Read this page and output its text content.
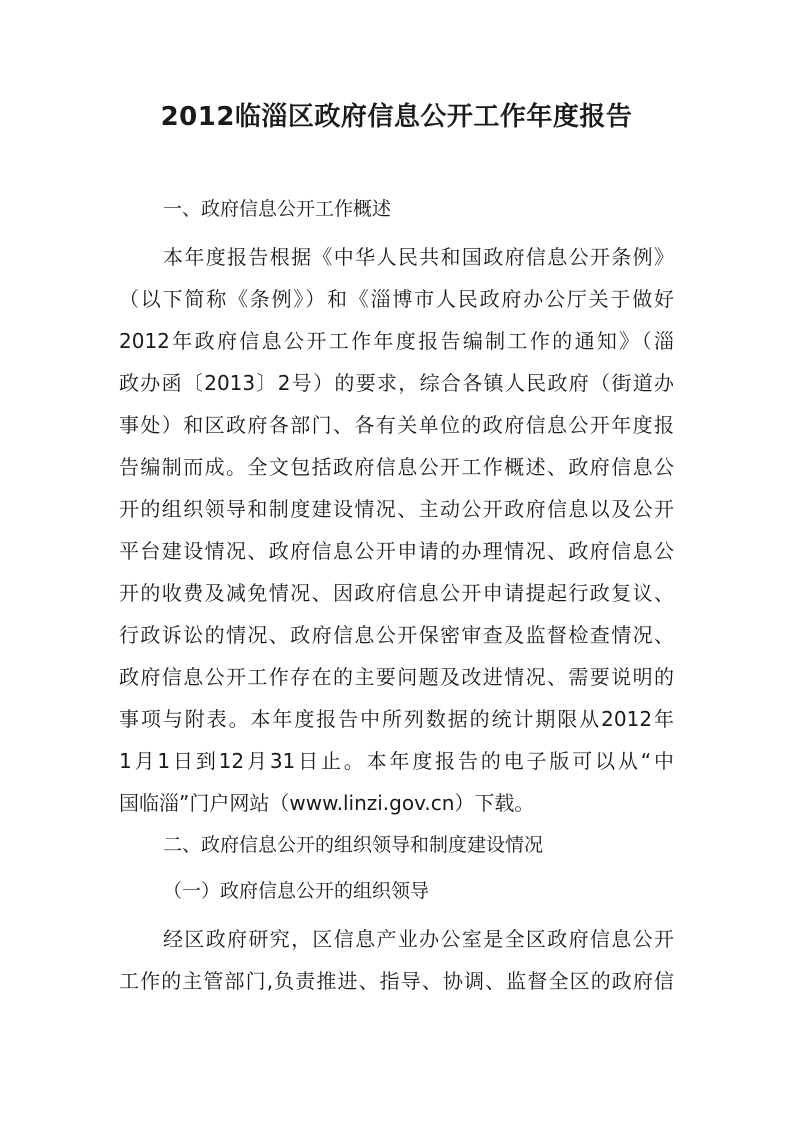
2012临淄区政府信息公开工作年度报告
一、政府信息公开工作概述
本年度报告根据《中华人民共和国政府信息公开条例》
（以下简称《条例》）和《淄博市人民政府办公厅关于做好
2012年政府信息公开工作年度报告编制工作的通知》（淄
政办函〔2013〕2号）的要求，综合各镇人民政府（街道办
事处）和区政府各部门、各有关单位的政府信息公开年度报
告编制而成。全文包括政府信息公开工作概述、政府信息公
开的组织领导和制度建设情况、主动公开政府信息以及公开
平台建设情况、政府信息公开申请的办理情况、政府信息公
开的收费及减免情况、因政府信息公开申请提起行政复议、
行政诉讼的情况、政府信息公开保密审查及监督检查情况、
政府信息公开工作存在的主要问题及改进情况、需要说明的
事项与附表。本年度报告中所列数据的统计期限从2012年
1月1日到12月31日止。本年度报告的电子版可以从“中
国临淄”门户网站（www.linzi.gov.cn）下载。
二、政府信息公开的组织领导和制度建设情况
（一）政府信息公开的组织领导
经区政府研究，区信息产业办公室是全区政府信息公开
工作的主管部门,负责推进、指导、协调、监督全区的政府信
